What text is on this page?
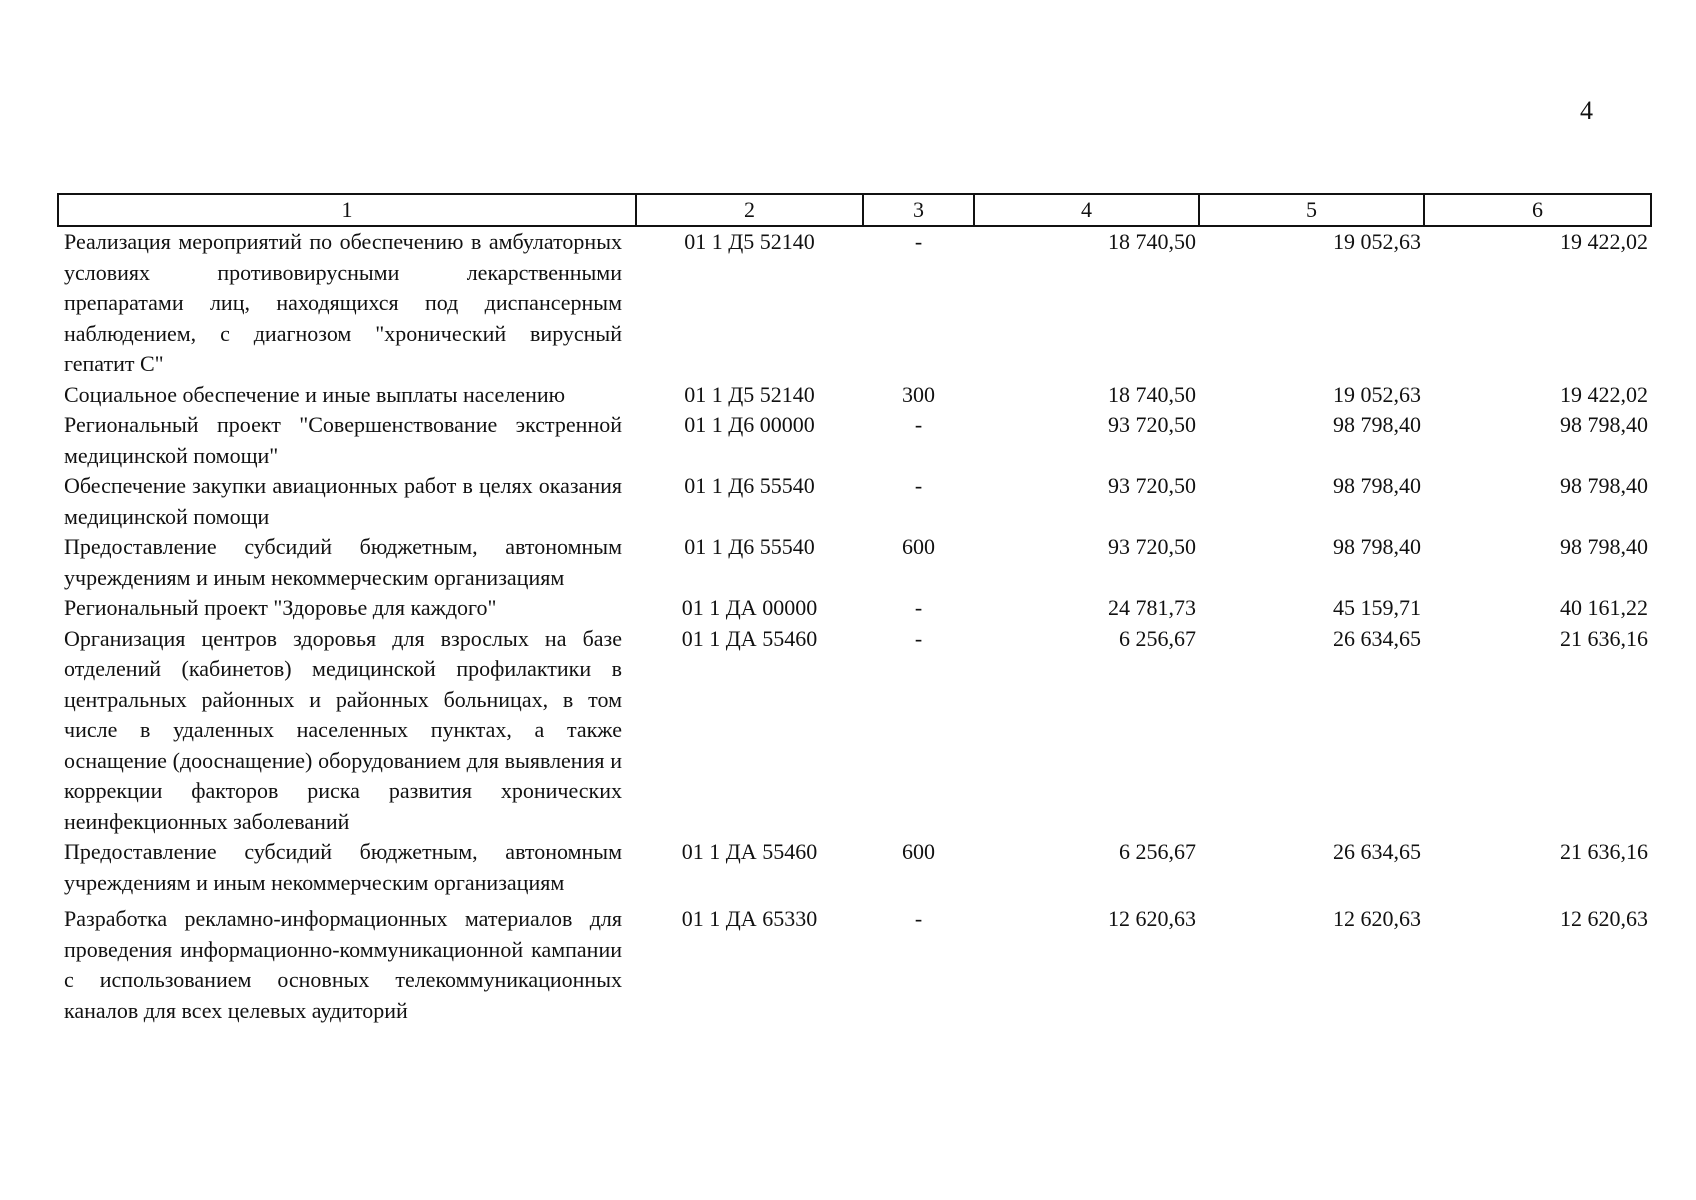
4
1	2	3	4	5	6
Реализация мероприятий по обеспечению в амбулаторных условиях противовирусными лекарственными препаратами лиц, находящихся под диспансерным наблюдением, с диагнозом "хронический вирусный гепатит С"	01 1 Д5 52140	-	18 740,50	19 052,63	19 422,02
Социальное обеспечение и иные выплаты населению	01 1 Д5 52140	300	18 740,50	19 052,63	19 422,02
Региональный проект "Совершенствование экстренной медицинской помощи"	01 1 Д6 00000	-	93 720,50	98 798,40	98 798,40
Обеспечение закупки авиационных работ в целях оказания медицинской помощи	01 1 Д6 55540	-	93 720,50	98 798,40	98 798,40
Предоставление субсидий бюджетным, автономным учреждениям и иным некоммерческим организациям	01 1 Д6 55540	600	93 720,50	98 798,40	98 798,40
Региональный проект "Здоровье для каждого"	01 1 ДА 00000	-	24 781,73	45 159,71	40 161,22
Организация центров здоровья для взрослых на базе отделений (кабинетов) медицинской профилактики в центральных районных и районных больницах, в том числе в удаленных населенных пунктах, а также оснащение (дооснащение) оборудованием для выявления и коррекции факторов риска развития хронических неинфекционных заболеваний	01 1 ДА 55460	-	6 256,67	26 634,65	21 636,16
Предоставление субсидий бюджетным, автономным учреждениям и иным некоммерческим организациям	01 1 ДА 55460	600	6 256,67	26 634,65	21 636,16
Разработка рекламно-информационных материалов для проведения информационно-коммуникационной кампании с использованием основных телекоммуникационных каналов для всех целевых аудиторий	01 1 ДА 65330	-	12 620,63	12 620,63	12 620,63
